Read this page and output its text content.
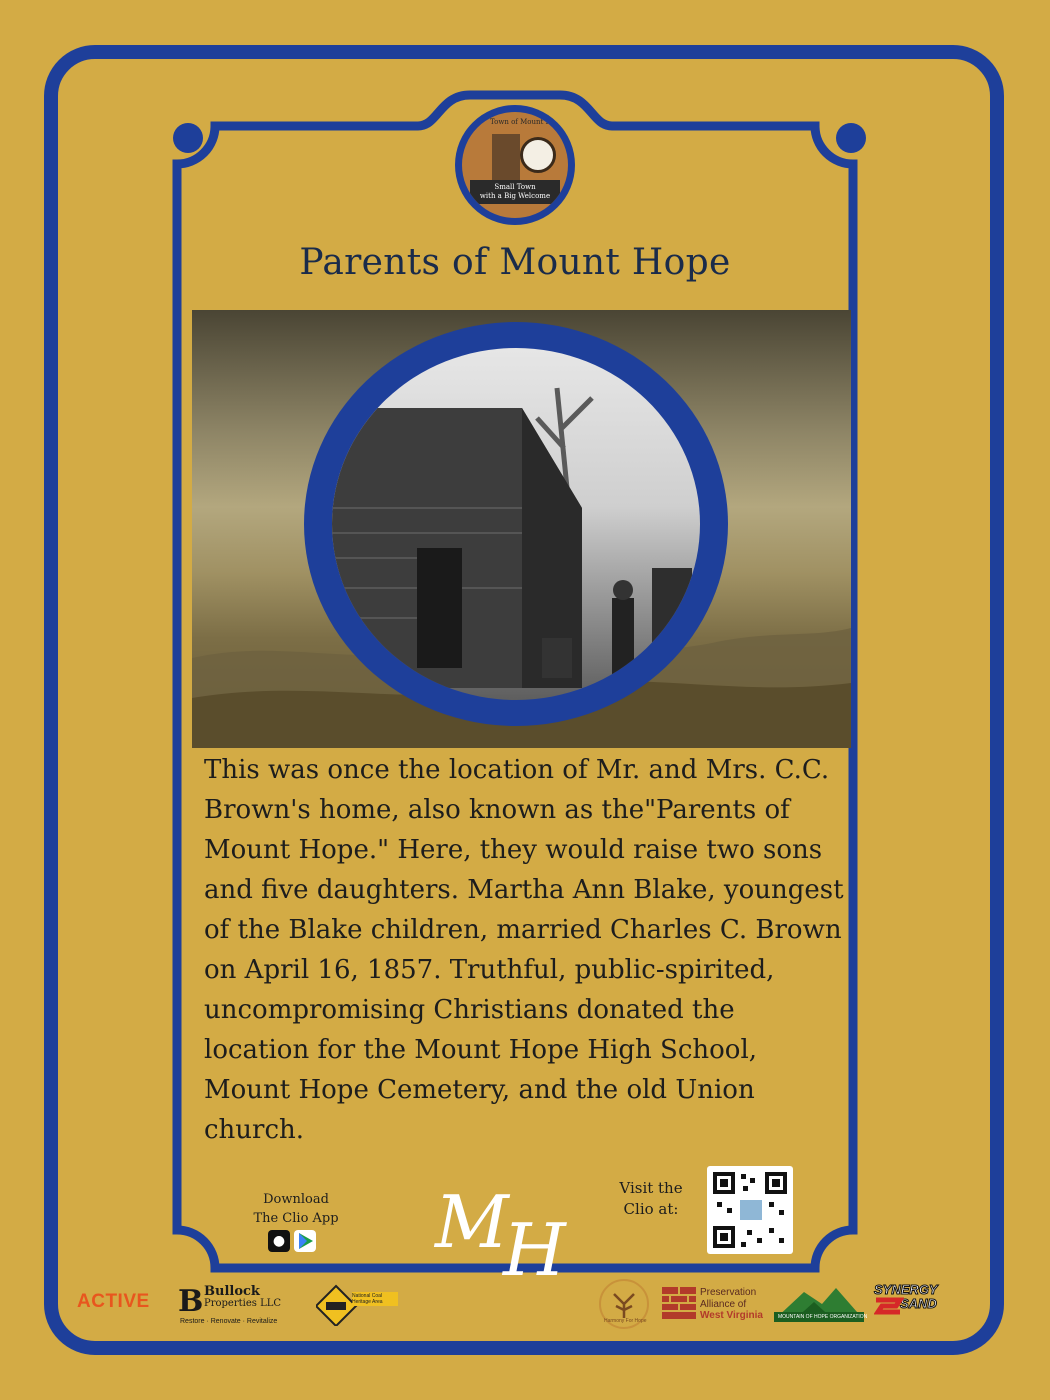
Town of Mount Hope
Small Town
with a Big Welcome
Parents of Mount Hope

This was once the location of Mr. and Mrs. C.C. Brown's home, also known as the"Parents of Mount Hope." Here, they would raise two sons and five daughters. Martha Ann Blake, youngest of the Blake children, married Charles C. Brown on April 16, 1857. Truthful, public-spirited, uncompromising Christians donated the location for the Mount Hope High School, Mount Hope Cemetery, and the old Union church.

Download
The Clio App
● M
H
Visit the
Clio at:
ACTIVE B Bullock
Properties LLC
Restore · Renovate · Revitalize
National Coal Heritage Area
Harmony For Hope
Preservation
Alliance of
West Virginia	MOUNTAIN OF HOPE ORGANIZATION
SYNERGY
SAND
